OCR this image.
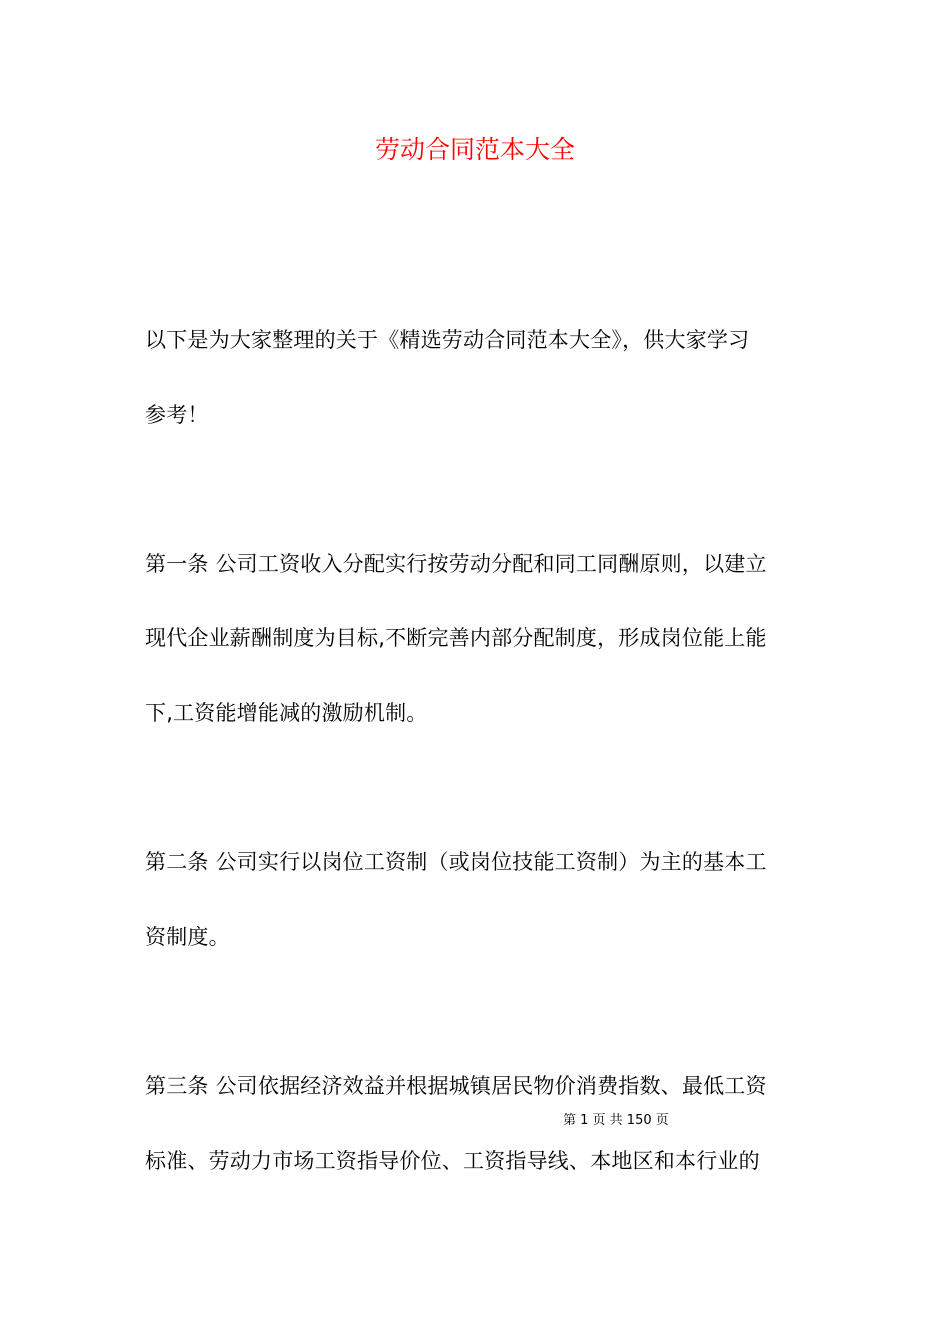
劳动合同范本大全
以下是为大家整理的关于《精选劳动合同范本大全》，供大家学习
参考！
第一条 公司工资收入分配实行按劳动分配和同工同酬原则，以建立
现代企业薪酬制度为目标,不断完善内部分配制度，形成岗位能上能
下,工资能增能减的激励机制。
第二条 公司实行以岗位工资制（或岗位技能工资制）为主的基本工
资制度。
第三条 公司依据经济效益并根据城镇居民物价消费指数、最低工资
第 1 页 共 150 页
标准、劳动力市场工资指导价位、工资指导线、本地区和本行业的
